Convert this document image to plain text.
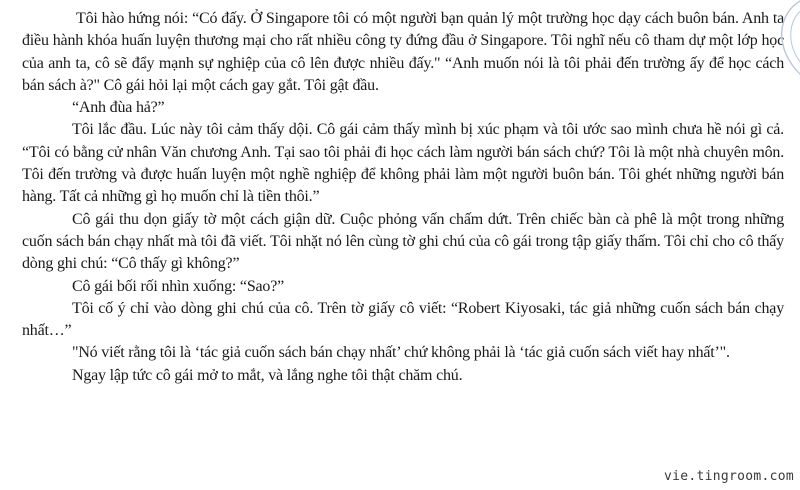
Tôi hào hứng nói: “Có đấy. Ở Singapore tôi có một người bạn quản lý một trường học dạy cách buôn bán. Anh ta điều hành khóa huấn luyện thương mại cho rất nhiều công ty đứng đầu ở Singapore. Tôi nghĩ nếu cô tham dự một lớp học của anh ta, cô sẽ đẩy mạnh sự nghiệp của cô lên được nhiều đấy." “Anh muốn nói là tôi phải đến trường ấy để học cách bán sách à?" Cô gái hỏi lại một cách gay gắt. Tôi gật đầu.

“Anh đùa hả?”

Tôi lắc đầu. Lúc này tôi cảm thấy dội. Cô gái cảm thấy mình bị xúc phạm và tôi ước sao mình chưa hề nói gì cả. “Tôi có bằng cử nhân Văn chương Anh. Tại sao tôi phải đi học cách làm người bán sách chứ? Tôi là một nhà chuyên môn. Tôi đến trường và được huấn luyện một nghề nghiệp để không phải làm một người buôn bán. Tôi ghét những người bán hàng. Tất cả những gì họ muốn chỉ là tiền thôi.”

Cô gái thu dọn giấy tờ một cách giận dữ. Cuộc phỏng vấn chấm dứt. Trên chiếc bàn cà phê là một trong những cuốn sách bán chạy nhất mà tôi đã viết. Tôi nhặt nó lên cùng tờ ghi chú của cô gái trong tập giấy thấm. Tôi chỉ cho cô thấy dòng ghi chú: “Cô thấy gì không?”

Cô gái bối rối nhìn xuống: “Sao?”

Tôi cố ý chỉ vào dòng ghi chú của cô. Trên tờ giấy cô viết: “Robert Kiyosaki, tác giả những cuốn sách bán chạy nhất…”

"Nó viết rằng tôi là ‘tác giả cuốn sách bán chạy nhất’ chứ không phải là ‘tác giả cuốn sách viết hay nhất’".

Ngay lập tức cô gái mở to mắt, và lắng nghe tôi thật chăm chú.

vie.tingroom.com
